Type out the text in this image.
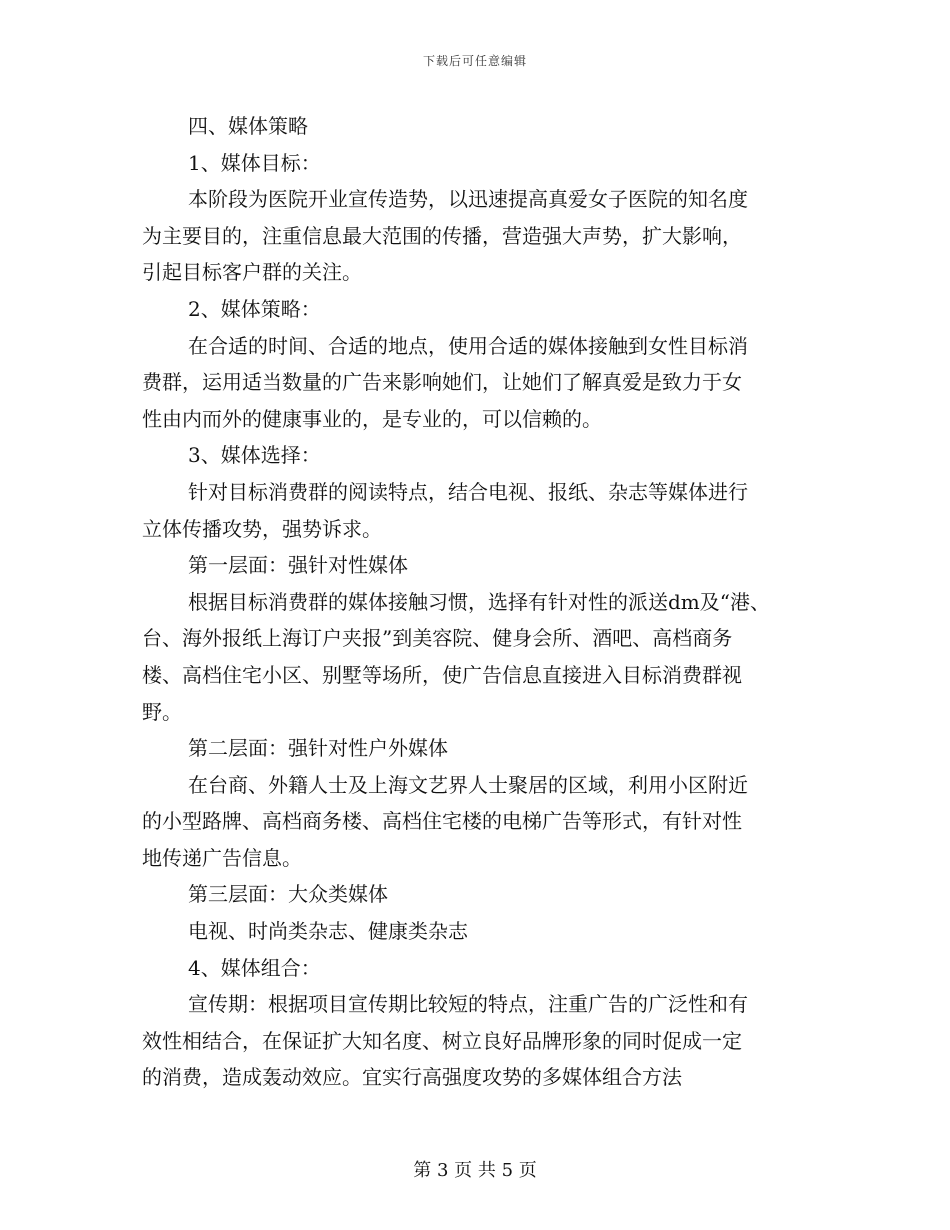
下载后可任意编辑
四、媒体策略
1、媒体目标：
本阶段为医院开业宣传造势，以迅速提高真爱女子医院的知名度
为主要目的，注重信息最大范围的传播，营造强大声势，扩大影响，
引起目标客户群的关注。
2、媒体策略：
在合适的时间、合适的地点，使用合适的媒体接触到女性目标消
费群，运用适当数量的广告来影响她们，让她们了解真爱是致力于女
性由内而外的健康事业的，是专业的，可以信赖的。
3、媒体选择：
针对目标消费群的阅读特点，结合电视、报纸、杂志等媒体进行
立体传播攻势，强势诉求。
第一层面：强针对性媒体
根据目标消费群的媒体接触习惯，选择有针对性的派送dm及“港、
台、海外报纸上海订户夹报”到美容院、健身会所、酒吧、高档商务
楼、高档住宅小区、别墅等场所，使广告信息直接进入目标消费群视
野。
第二层面：强针对性户外媒体
在台商、外籍人士及上海文艺界人士聚居的区域，利用小区附近
的小型路牌、高档商务楼、高档住宅楼的电梯广告等形式，有针对性
地传递广告信息。
第三层面：大众类媒体
电视、时尚类杂志、健康类杂志
4、媒体组合：
宣传期：根据项目宣传期比较短的特点，注重广告的广泛性和有
效性相结合，在保证扩大知名度、树立良好品牌形象的同时促成一定
的消费，造成轰动效应。宜实行高强度攻势的多媒体组合方法
第 3 页 共 5 页
